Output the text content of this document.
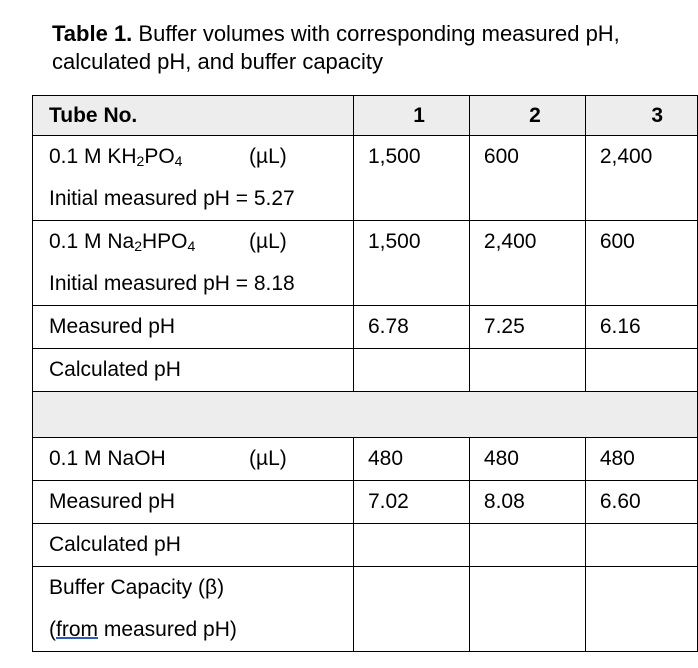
Table 1. Buffer volumes with corresponding measured pH, calculated pH, and buffer capacity
Tube No.	1	2	3

0.1 M $KH_2PO_4$ (µL)
Initial measured pH = 5.27	1,500	600	2,400

0.1 M $Na_2HPO_4$ (µL)
Initial measured pH = 8.18	1,500	2,400	600
Measured pH	6.78	7.25	6.16
Calculated pH			

0.1 M NaOH (µL)	480	480	480
Measured pH	7.02	8.08	6.60
Calculated pH			

Buffer Capacity (β)
(from measured pH)			
